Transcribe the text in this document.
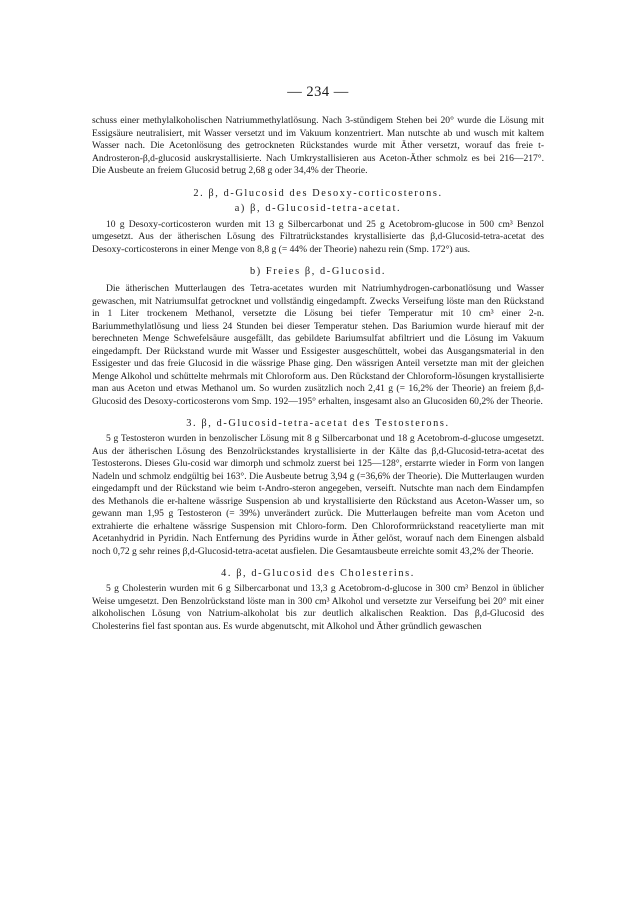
— 234 —

schuss einer methylalkoholischen Natriummethylatlösung. Nach 3-stündigem Stehen bei 20° wurde die Lösung mit Essigsäure neutralisiert, mit Wasser versetzt und im Vakuum konzentriert. Man nutschte ab und wusch mit kaltem Wasser nach. Die Acetonlösung des getrockneten Rückstandes wurde mit Äther versetzt, worauf das freie t-Androsteron-β,d-glucosid auskrystallisierte. Nach Umkrystallisieren aus Aceton-Äther schmolz es bei 216—217°. Die Ausbeute an freiem Glucosid betrug 2,68 g oder 34,4% der Theorie.

2. β, d-Glucosid des Desoxy-corticosterons.
a) β, d-Glucosid-tetra-acetat.

10 g Desoxy-corticosteron wurden mit 13 g Silbercarbonat und 25 g Acetobrom-glucose in 500 cm³ Benzol umgesetzt. Aus der ätherischen Lösung des Filtratrückstandes krystallisierte das β,d-Glucosid-tetra-acetat des Desoxy-corticosterons in einer Menge von 8,8 g (= 44% der Theorie) nahezu rein (Smp. 172°) aus.

b) Freies β, d-Glucosid.

Die ätherischen Mutterlaugen des Tetra-acetates wurden mit Natriumhydrogen-carbonatlösung und Wasser gewaschen, mit Natriumsulfat getrocknet und vollständig eingedampft. Zwecks Verseifung löste man den Rückstand in 1 Liter trockenem Methanol, versetzte die Lösung bei tiefer Temperatur mit 10 cm³ einer 2-n. Bariummethylatlösung und liess 24 Stunden bei dieser Temperatur stehen. Das Bariumion wurde hierauf mit der berechneten Menge Schwefelsäure ausgefällt, das gebildete Bariumsulfat abfiltriert und die Lösung im Vakuum eingedampft. Der Rückstand wurde mit Wasser und Essigester ausgeschüttelt, wobei das Ausgangsmaterial in den Essigester und das freie Glucosid in die wässrige Phase ging. Den wässrigen Anteil versetzte man mit der gleichen Menge Alkohol und schüttelte mehrmals mit Chloroform aus. Den Rückstand der Chloroform-lösungen krystallisierte man aus Aceton und etwas Methanol um. So wurden zusätzlich noch 2,41 g (= 16,2% der Theorie) an freiem β,d-Glucosid des Desoxy-corticosterons vom Smp. 192—195° erhalten, insgesamt also an Glucosiden 60,2% der Theorie.

3. β, d-Glucosid-tetra-acetat des Testosterons.

5 g Testosteron wurden in benzolischer Lösung mit 8 g Silbercarbonat und 18 g Acetobrom-d-glucose umgesetzt. Aus der ätherischen Lösung des Benzolrückstandes krystallisierte in der Kälte das β,d-Glucosid-tetra-acetat des Testosterons. Dieses Glu-cosid war dimorph und schmolz zuerst bei 125—128°, erstarrte wieder in Form von langen Nadeln und schmolz endgültig bei 163°. Die Ausbeute betrug 3,94 g (=36,6% der Theorie). Die Mutterlaugen wurden eingedampft und der Rückstand wie beim t-Andro-steron angegeben, verseift. Nutschte man nach dem Eindampfen des Methanols die er-haltene wässrige Suspension ab und krystallisierte den Rückstand aus Aceton-Wasser um, so gewann man 1,95 g Testosteron (= 39%) unverändert zurück. Die Mutterlaugen befreite man vom Aceton und extrahierte die erhaltene wässrige Suspension mit Chloro-form. Den Chloroformrückstand reacetylierte man mit Acetanhydrid in Pyridin. Nach Entfernung des Pyridins wurde in Äther gelöst, worauf nach dem Einengen alsbald noch 0,72 g sehr reines β,d-Glucosid-tetra-acetat ausfielen. Die Gesamtausbeute erreichte somit 43,2% der Theorie.

4. β, d-Glucosid des Cholesterins.

5 g Cholesterin wurden mit 6 g Silbercarbonat und 13,3 g Acetobrom-d-glucose in 300 cm³ Benzol in üblicher Weise umgesetzt. Den Benzolrückstand löste man in 300 cm³ Alkohol und versetzte zur Verseifung bei 20° mit einer alkoholischen Lösung von Natrium-alkoholat bis zur deutlich alkalischen Reaktion. Das β,d-Glucosid des Cholesterins fiel fast spontan aus. Es wurde abgenutscht, mit Alkohol und Äther gründlich gewaschen
